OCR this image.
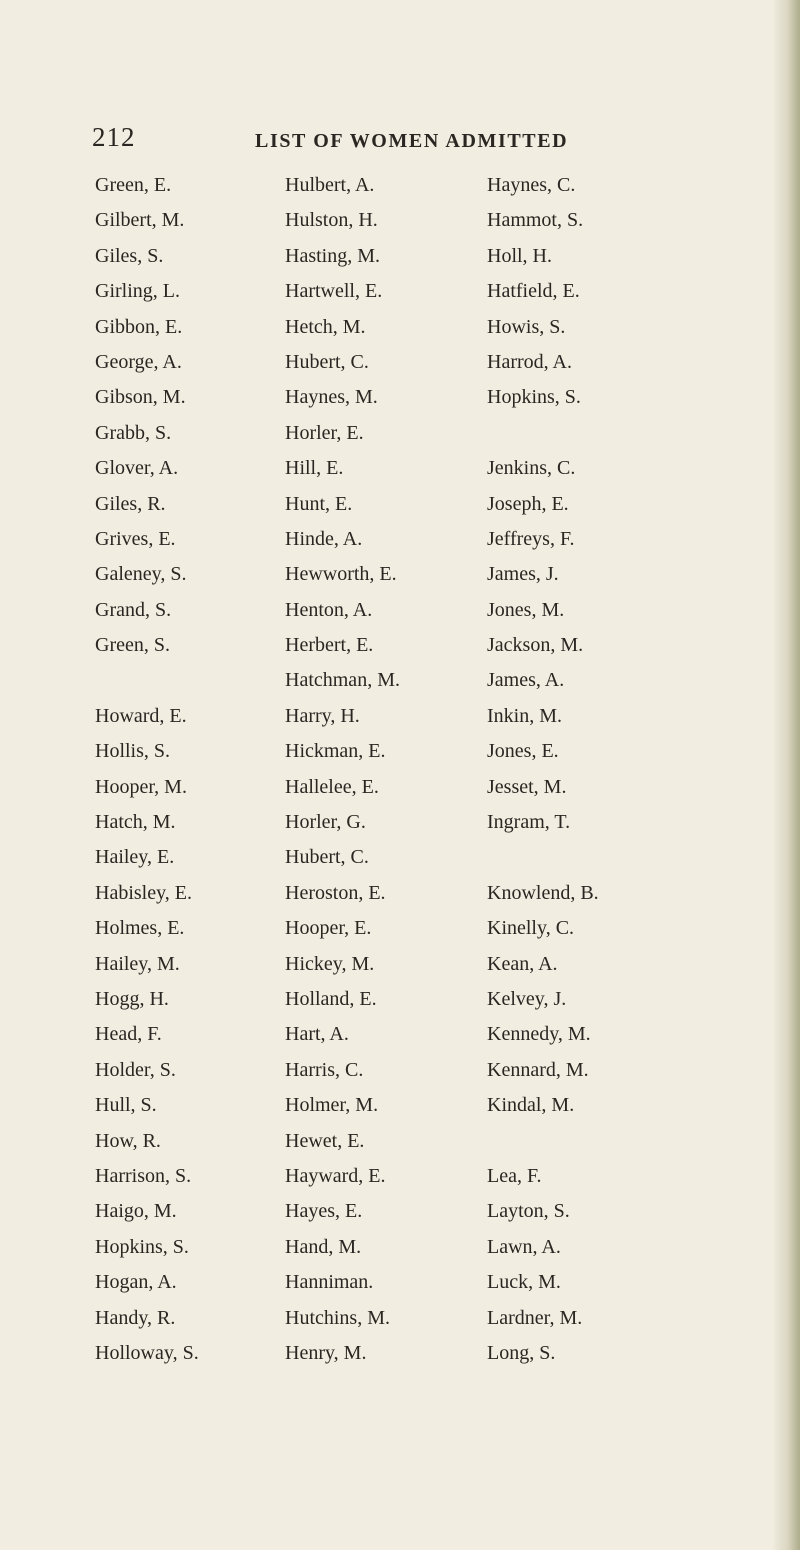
212	LIST OF WOMEN ADMITTED
Green, E.
Gilbert, M.
Giles, S.
Girling, L.
Gibbon, E.
George, A.
Gibson, M.
Grabb, S.
Glover, A.
Giles, R.
Grives, E.
Galeney, S.
Grand, S.
Green, S.
Howard, E.
Hollis, S.
Hooper, M.
Hatch, M.
Hailey, E.
Habisley, E.
Holmes, E.
Hailey, M.
Hogg, H.
Head, F.
Holder, S.
Hull, S.
How, R.
Harrison, S.
Haigo, M.
Hopkins, S.
Hogan, A.
Handy, R.
Holloway, S.
Hulbert, A.
Hulston, H.
Hasting, M.
Hartwell, E.
Hetch, M.
Hubert, C.
Haynes, M.
Horler, E.
Hill, E.
Hunt, E.
Hinde, A.
Hewworth, E.
Henton, A.
Herbert, E.
Hatchman, M.
Harry, H.
Hickman, E.
Hallelee, E.
Horler, G.
Hubert, C.
Heroston, E.
Hooper, E.
Hickey, M.
Holland, E.
Hart, A.
Harris, C.
Holmer, M.
Hewet, E.
Hayward, E.
Hayes, E.
Hand, M.
Hanniman.
Hutchins, M.
Henry, M.
Haynes, C.
Hammot, S.
Holl, H.
Hatfield, E.
Howis, S.
Harrod, A.
Hopkins, S.
Jenkins, C.
Joseph, E.
Jeffreys, F.
James, J.
Jones, M.
Jackson, M.
James, A.
Inkin, M.
Jones, E.
Jesset, M.
Ingram, T.
Knowlend, B.
Kinelly, C.
Kean, A.
Kelvey, J.
Kennedy, M.
Kennard, M.
Kindal, M.
Lea, F.
Layton, S.
Lawn, A.
Luck, M.
Lardner, M.
Long, S.
